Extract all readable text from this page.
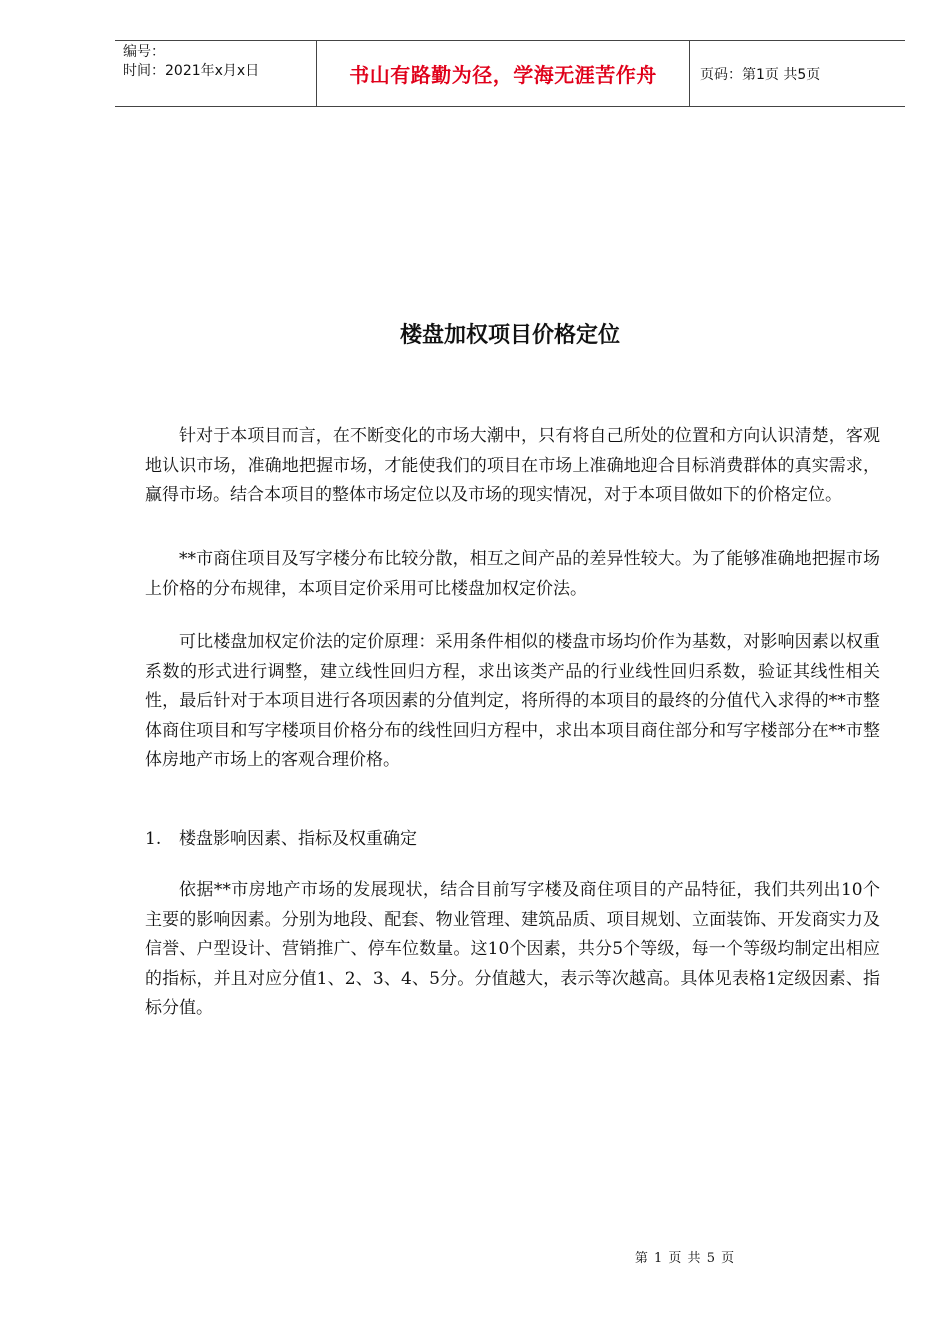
编号：
时间：2021年x月x日	书山有路勤为径，学海无涯苦作舟	页码：第1页 共5页
楼盘加权项目价格定位

针对于本项目而言，在不断变化的市场大潮中，只有将自己所处的位置和方向认识清楚，客观地认识市场，准确地把握市场，才能使我们的项目在市场上准确地迎合目标消费群体的真实需求，赢得市场。结合本项目的整体市场定位以及市场的现实情况，对于本项目做如下的价格定位。

**市商住项目及写字楼分布比较分散，相互之间产品的差异性较大。为了能够准确地把握市场上价格的分布规律，本项目定价采用可比楼盘加权定价法。

可比楼盘加权定价法的定价原理：采用条件相似的楼盘市场均价作为基数，对影响因素以权重系数的形式进行调整，建立线性回归方程，求出该类产品的行业线性回归系数，验证其线性相关性，最后针对于本项目进行各项因素的分值判定，将所得的本项目的最终的分值代入求得的**市整体商住项目和写字楼项目价格分布的线性回归方程中，求出本项目商住部分和写字楼部分在**市整体房地产市场上的客观合理价格。

1. 楼盘影响因素、指标及权重确定

依据**市房地产市场的发展现状，结合目前写字楼及商住项目的产品特征，我们共列出10个主要的影响因素。分别为地段、配套、物业管理、建筑品质、项目规划、立面装饰、开发商实力及信誉、户型设计、营销推广、停车位数量。这10个因素，共分5个等级，每一个等级均制定出相应的指标，并且对应分值1、2、3、4、5分。分值越大，表示等次越高。具体见表格1定级因素、指标分值。

第 1 页 共 5 页
